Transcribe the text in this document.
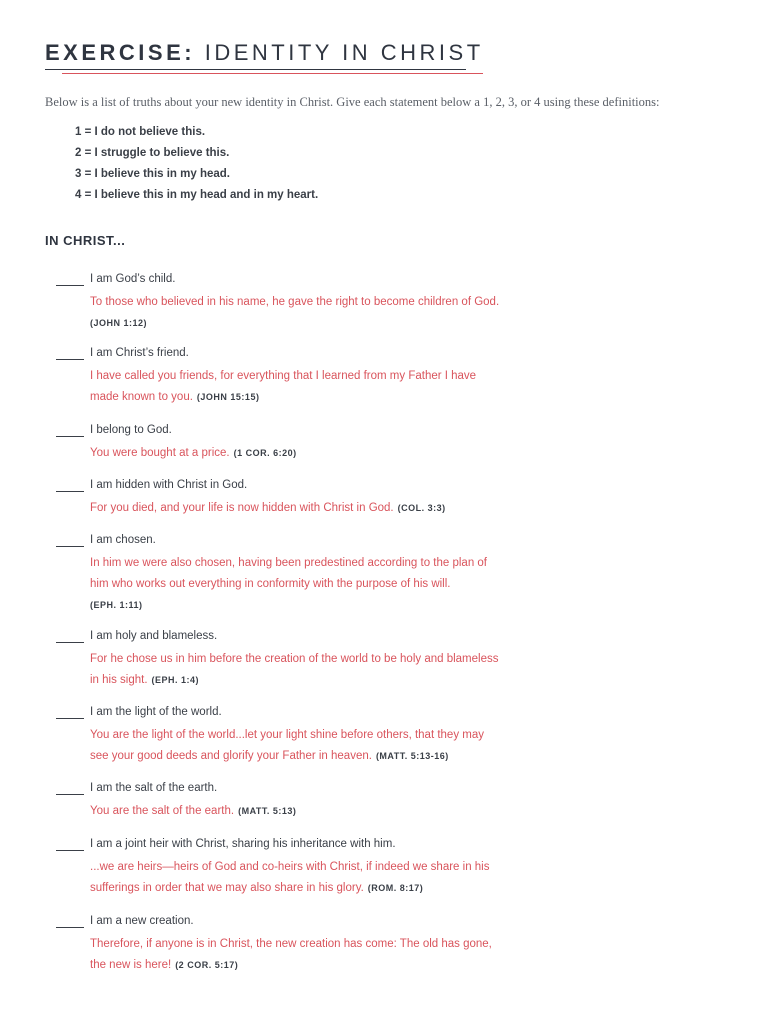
EXERCISE: IDENTITY IN CHRIST
Below is a list of truths about your new identity in Christ. Give each statement below a 1, 2, 3, or 4 using these definitions:
1 = I do not believe this.
2 = I struggle to believe this.
3 = I believe this in my head.
4 = I believe this in my head and in my heart.
IN CHRIST...
I am God’s child.
To those who believed in his name, he gave the right to become children of God.
(JOHN 1:12)
I am Christ’s friend.
I have called you friends, for everything that I learned from my Father I have
made known to you. (JOHN 15:15)
I belong to God.
You were bought at a price. (1 COR. 6:20)
I am hidden with Christ in God.
For you died, and your life is now hidden with Christ in God. (COL. 3:3)
I am chosen.
In him we were also chosen, having been predestined according to the plan of
him who works out everything in conformity with the purpose of his will.
(EPH. 1:11)
I am holy and blameless.
For he chose us in him before the creation of the world to be holy and blameless
in his sight. (EPH. 1:4)
I am the light of the world.
You are the light of the world...let your light shine before others, that they may
see your good deeds and glorify your Father in heaven. (MATT. 5:13-16)
I am the salt of the earth.
You are the salt of the earth. (MATT. 5:13)
I am a joint heir with Christ, sharing his inheritance with him.
...we are heirs—heirs of God and co-heirs with Christ, if indeed we share in his
sufferings in order that we may also share in his glory. (ROM. 8:17)
I am a new creation.
Therefore, if anyone is in Christ, the new creation has come: The old has gone,
the new is here! (2 COR. 5:17)
